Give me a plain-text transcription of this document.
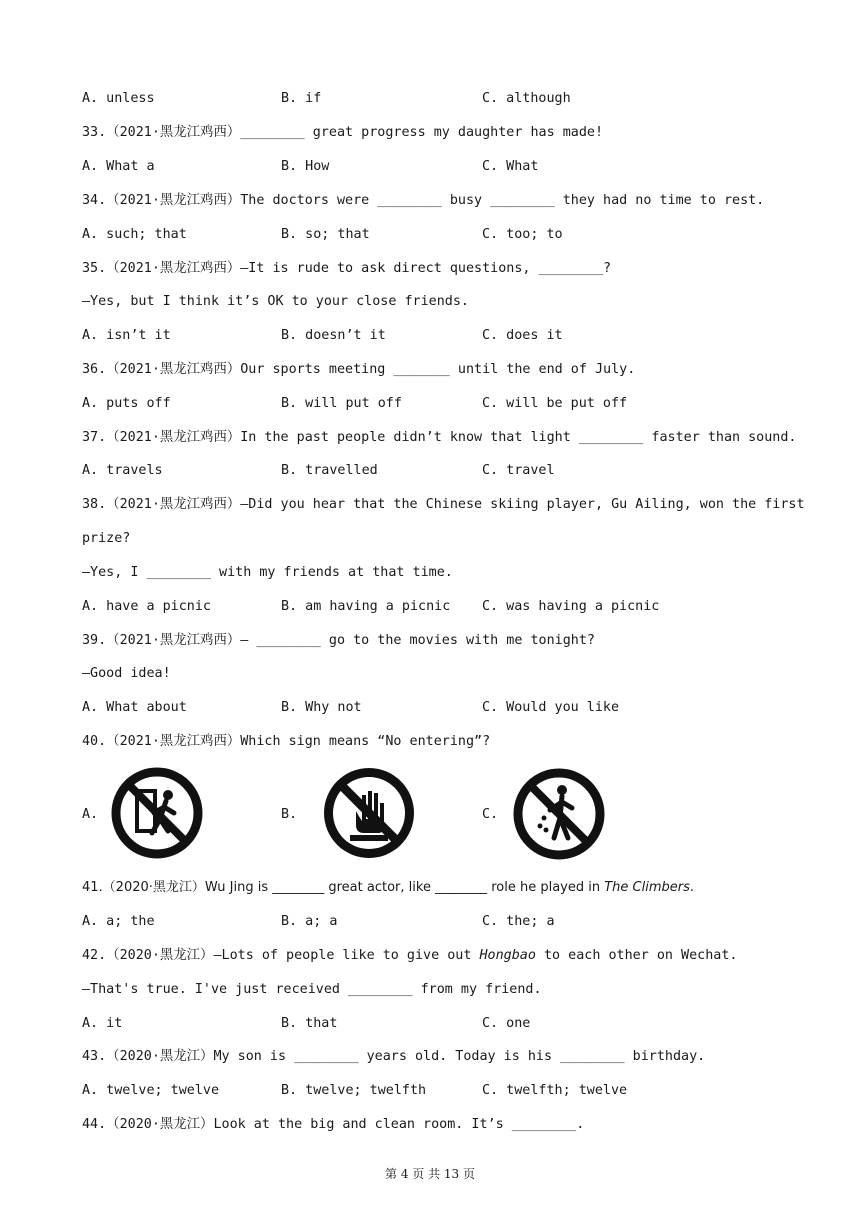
A. unless	B. if	C. although
33.（2021·黑龙江鸡西）________ great progress my daughter has made!
A. What a	B. How	C. What
34.（2021·黑龙江鸡西）The doctors were ________ busy ________ they had no time to rest.
A. such; that	B. so; that	C. too; to
35.（2021·黑龙江鸡西）—It is rude to ask direct questions, ________?
—Yes, but I think it’s OK to your close friends.
A. isn’t it	B. doesn’t it	C. does it
36.（2021·黑龙江鸡西）Our sports meeting _______ until the end of July.
A. puts off	B. will put off	C. will be put off
37.（2021·黑龙江鸡西）In the past people didn’t know that light ________ faster than sound.
A. travels	B. travelled	C. travel
38.（2021·黑龙江鸡西）—Did you hear that the Chinese skiing player, Gu Ailing, won the first
prize?
—Yes, I ________ with my friends at that time.
A. have a picnic	B. am having a picnic C. was having a picnic
39.（2021·黑龙江鸡西）— ________ go to the movies with me tonight?
—Good idea!
A. What about	B. Why not	C. Would you like
40.（2021·黑龙江鸡西）Which sign means “No entering”?
A.	B.	C.
41.（2020·黑龙江）Wu Jing is ________ great actor, like ________ role he played in The Climbers.
A. a; the	B. a; a	C. the; a
42.（2020·黑龙江）—Lots of people like to give out Hongbao to each other on Wechat.
—That's true. I've just received ________ from my friend.
A. it	B. that	C. one
43.（2020·黑龙江）My son is ________ years old. Today is his ________ birthday.
A. twelve; twelve	B. twelve; twelfth	C. twelfth; twelve
44.（2020·黑龙江）Look at the big and clean room. It’s ________.
第 4 页 共 13 页
